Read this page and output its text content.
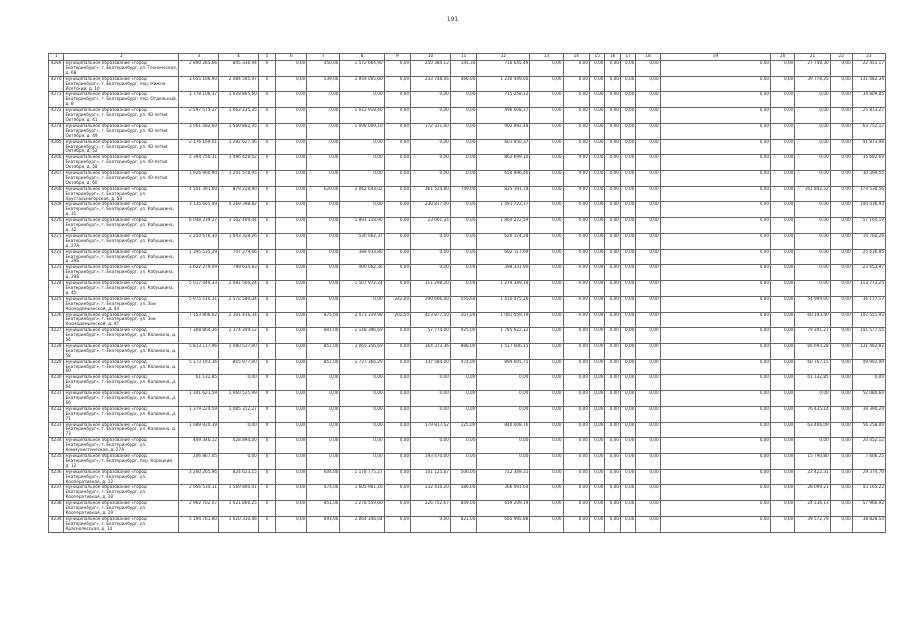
191
1	2	3	4	5	6	7	8	9	10	11	12	13	14	15	16	17	18	19	20	21	22	23
4269	муниципальное образование «город Екатеринбург», г. Екатеринбург, ул. Техническая, д. 68	2 890 265,66	845 336,94	0	0,00	450,00	1 572 664,90	0,00	250 384,12	145,30	716 645,49	0,00	0,00	0,00	0,00	0,00	0,00	0,00	0,00	27 748,30	0,00	22 451,17
4270	муниципальное образование «город Екатеринбург», г. Екатеринбург, пер. Нижне-Исетский, д. 10	3 655 106,90	2 084 595,97	0	0,00	539,00	1 959 065,60	0,00	233 748,06	466,00	1 230 449,00	0,00	0,00	0,00	0,00	0,00	0,00	0,00	0,00	39 776,25	0,00	131 082,34
4271	муниципальное образование «город Екатеринбург», г. Екатеринбург, пер. Отдельный, д. 8	1 778 106,37	1 028 865,60	0	0,00	0,00	0,00	0,00	0,00	0,00	715 258,12	0,00	0,00	0,00	0,00	0,00	0,00	0,00	0,00	0,00	0,00	34 809,85
4272	муниципальное образование «город Екатеринбург», г. Екатеринбург, ул. 40-летия Октября, д. 41	2 597 575,27	1 062 235,35	0	0,00	0,00	1 012 918,40	0,00	0,00	0,00	496 608,37	0,00	0,00	0,00	0,00	0,00	0,00	0,00	0,00	0,00	0,00	25 813,27
4274	муниципальное образование «город Екатеринбург», г. Екатеринбург, ул. 40-летия Октября, д. 49	3 061 082,60	1 569 862,35	0	0,00	0,00	1 098 009,10	0,00	172 311,60	0,00	902 892,48	0,00	0,00	0,00	0,00	0,00	0,00	0,00	0,00	0,00	0,00	63 752,17
4265	муниципальное образование «город Екатеринбург», г. Екатеринбург, ул. 40-летия Октября, д. 52	2 176 169,01	1 282 627,46	0	0,00	0,00	0,00	0,00	0,00	0,00	801 950,37	0,00	0,00	0,00	0,00	0,00	0,00	0,00	0,00	0,00	0,00	41 873,98
4266	муниципальное образование «город Екатеринбург», г. Екатеринбург, ул. 40-летия Октября, д. 58	2 394 750,31	1 496 428,02	0	0,00	0,00	0,00	0,00	0,00	0,00	862 699,10	0,00	0,00	0,00	0,00	0,00	0,00	0,00	0,00	0,00	0,00	35 692,69
4267	муниципальное образование «город Екатеринбург», г. Екатеринбург, ул. 40-летия Октября, д. 60	1 926 900,90	1 241 578,95	0	0,00	0,00	0,00	0,00	0,00	0,00	654 896,40	0,00	0,00	0,00	0,00	0,00	0,00	0,00	0,00	0,00	0,00	30 399,55
4268	муниципальное образование «город Екатеринбург», г. Екатеринбург, ул. Хрустальногорская, д. 58	4 501 391,60	879 228,90	0	0,00	620,00	2 062 643,02	0,00	361 524,80	749,00	825 191,78	0,00	0,00	0,00	0,00	0,00	0,00	0,00	0,00	161 842,32	0,00	174 538,56
4209	муниципальное образование «город Екатеринбург», г. Екатеринбург, ул. Кабушкина, д. 31	3 135 665,49	4 269 398,82	0	0,00	0,00	0,00	0,00	230 817,00	0,00	1 491 722,37	0,00	0,00	0,00	0,00	0,00	0,00	0,00	0,00	0,00	0,00	140 436,93
4220	муниципальное образование «город Екатеринбург», г. Екатеринбург, ул. Кабушкина, д. 32	6 048 239,27	3 102 409,44	0	0,00	0,00	1 993 118,90	0,00	23 001,34	0,00	1 864 272,59	0,00	0,00	0,00	0,00	0,00	0,00	0,00	0,00	0,00	0,00	57 164,19
4221	муниципальное образование «город Екатеринбург», г. Екатеринбург, ул. Кабушкина, д. 27А	2 250 676,30	1 043 328,26	0	0,00	0,00	530 062,37	0,00	0,00	0,00	620 174,28	0,00	0,00	0,00	0,00	0,00	0,00	0,00	0,00	0,00	0,00	10 760,26
4222	муниципальное образование «город Екатеринбург», г. Екатеринбург, ул. Кабушкина, д. 29Б	1 395 535,29	747 279,66	0	0,00	0,00	388 933,80	0,00	0,00	0,00	602 117,69	0,00	0,00	0,00	0,00	0,00	0,00	0,00	0,00	0,00	0,00	25 636,85
4223	муниципальное образование «город Екатеринбург», г. Екатеринбург, ул. Кабушкина, д. 29В	1 622 279,09	799 634,83	0	0,00	0,00	400 062,36	0,00	0,00	0,00	398 331,90	0,00	0,00	0,00	0,00	0,00	0,00	0,00	0,00	0,00	0,00	23 653,97
4224	муниципальное образование «город Екатеринбург», г. Екатеринбург, ул. Кабушкина, д. 45	5 017 440,33	2 081 566,24	0	0,00	0,00	1 507 972,24	0,00	111 298,20	0,00	1 279 349,14	0,00	0,00	0,00	0,00	0,00	0,00	0,00	0,00	0,00	0,00	113 773,25
4225	муниципальное образование «город Екатеринбург», г. Екатеринбург, ул. Зои Космодемьянской, д. 44	5 975 510,31	2 572 580,34	0	0,00	0,00	0,00	242,00	290 606,00	555,60	1 410 475,26	0,00	0,00	0,00	0,00	0,00	0,00	0,00	0,00	54 999,00	0,00	36 177,17
4226	муниципальное образование «город Екатеринбург», г. Екатеринбург, ул. Зои Космодемьянской, д. 47	7 153 806,02	2 301 416,34	0	0,00	875,00	2 073 319,98	202,50	413 877,50	207,00	1 091 559,79	0,00	0,00	0,00	0,00	0,00	0,00	0,00	0,00	60 193,40	0,00	147 551,93
4227	муниципальное образование «город Екатеринбург», г. Екатеринбург, ул. Калинина, д. 56	7 308 864,36	2 174 349,12	0	0,00	891,00	2 148 396,69	0,00	57 774,00	925,00	1 785 922,32	0,00	0,00	0,00	0,00	0,00	0,00	0,00	0,00	79 291,27	0,00	141 577,55
4228	муниципальное образование «город Екатеринбург», г. Екатеринбург, ул. Калинина, д. 58	5 813 117,96	1 080 517,00	0	0,00	851,00	2 065 356,69	0,00	164 373,36	888,00	1 517 606,15	0,00	0,00	0,00	0,00	0,00	0,00	0,00	0,00	66 693,28	0,00	131 462,92
4229	муниципальное образование «город Екатеринбург», г. Екатеринбург, ул. Калинина, д. 60	5 173 193,36	865 977,00	0	0,00	851,00	1 727 366,29	0,00	137 584,00	474,00	899 605,75	0,00	0,00	0,00	0,00	0,00	0,00	0,00	0,00	60 767,15	0,00	49 992,99
4230	муниципальное образование «город Екатеринбург», г. Екатеринбург, ул. Калинина, д. 64	61 132,85	0,00	0	0,00	0,00	0,00	0,00	0,00	0,00	0,00	0,00	0,00	0,00	0,00	0,00	0,00	0,00	0,00	61 132,85	0,00	0,00
4231	муниципальное образование «город Екатеринбург», г. Екатеринбург, ул. Калинина, д. 66	1 341 621,59	1 060 525,99	0	0,00	0,00	0,00	0,00	0,00	0,00	0,00	0,00	0,00	0,00	0,00	0,00	0,00	0,00	0,00	0,00	0,00	52 080,60
4232	муниципальное образование «город Екатеринбург», г. Екатеринбург, ул. Калинина, д. 71	1 379 224,59	1 085 312,27	0	0,00	0,00	0,00	0,00	0,00	0,00	0,00	0,00	0,00	0,00	0,00	0,00	0,00	0,00	0,00	76 435,14	0,00	39 390,24
4233	муниципальное образование «город Екатеринбург», г. Екатеринбург, ул. Калинина, д. 73	1 089 920,39	0,00	0	0,00	0,00	0,00	0,00	179 817,52	125,00	840 008,76	0,00	0,00	0,00	0,00	0,00	0,00	0,00	0,00	63 406,09	0,00	56 258,00
4234	муниципальное образование «город Екатеринбург», г. Екатеринбург, ул. Коммунистическая, д. 27А	449 346,12	428 894,00	0	0,00	0,00	0,00	0,00	0,00	0,00	0,00	0,00	0,00	0,00	0,00	0,00	0,00	0,00	0,00	0,00	0,00	20 452,12
4235	муниципальное образование «город Екатеринбург», г. Екатеринбург, пер. Корецкий, д. 12	206 867,05	0,00	0	0,00	0,00	0,00	0,00	193 470,00	0,00	0,00	0,00	0,00	0,00	0,00	0,00	0,00	0,00	0,00	15 790,80	0,00	7 606,25
4236	муниципальное образование «город Екатеринбург», г. Екатеринбург, ул. Кооперативная, д. 12	3 260 265,96	824 623,15	0	0,00	604,00	1 178 775,27	0,00	101 125,87	506,00	712 369,31	0,00	0,00	0,00	0,00	0,00	0,00	0,00	0,00	23 422,31	0,00	29 374,70
4237	муниципальное образование «город Екатеринбург», г. Екатеринбург, ул. Кооперативная, д. 18	2 656 534,11	1 569 800,41	0	0,00	474,00	1 605 981,16	0,00	132 416,20	586,00	366 091,64	0,00	0,00	0,00	0,00	0,00	0,00	0,00	0,00	28 099,21	0,00	43 165,22
4238	муниципальное образование «город Екатеринбург», г. Екатеринбург, ул. Кооперативная, д. 19	2 962 702,07	1 021 866,25	0	0,00	851,00	1 278 559,60	0,00	226 752,67	849,00	659 209,19	0,00	0,00	0,00	0,00	0,00	0,00	0,00	0,00	24 136,13	0,00	57 966,92
4239	муниципальное образование «город Екатеринбург», г. Екатеринбург, ул. Краснолесская, д. 14	5 194 761,80	1 020 310,46	0	0,00	891,00	2 064 346,04	0,00	0,00	821,00	665 995,88	0,00	0,00	0,00	0,00	0,00	0,00	0,00	0,00	39 572,79	0,00	38 828,54
